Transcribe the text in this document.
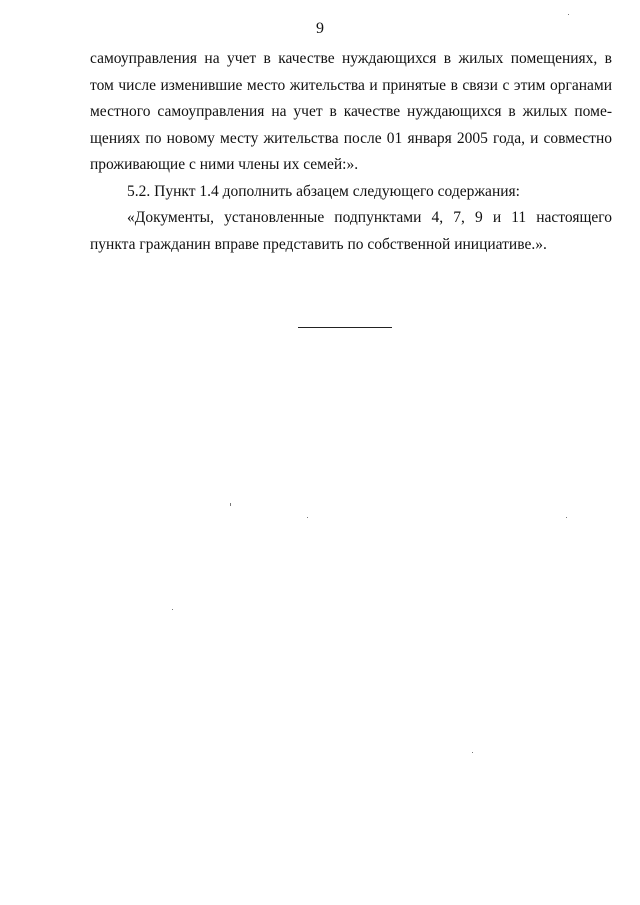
9
самоуправления на учет в качестве нуждающихся в жилых помещениях, в
том числе изменившие место жительства и принятые в связи с этим органами
местного самоуправления на учет в качестве нуждающихся в жилых поме-
щениях по новому месту жительства после 01 января 2005 года, и совместно
проживающие с ними члены их семей:».
5.2. Пункт 1.4 дополнить абзацем следующего содержания:
«Документы, установленные подпунктами 4, 7, 9 и 11 настоящего
пункта гражданин вправе представить по собственной инициативе.».
